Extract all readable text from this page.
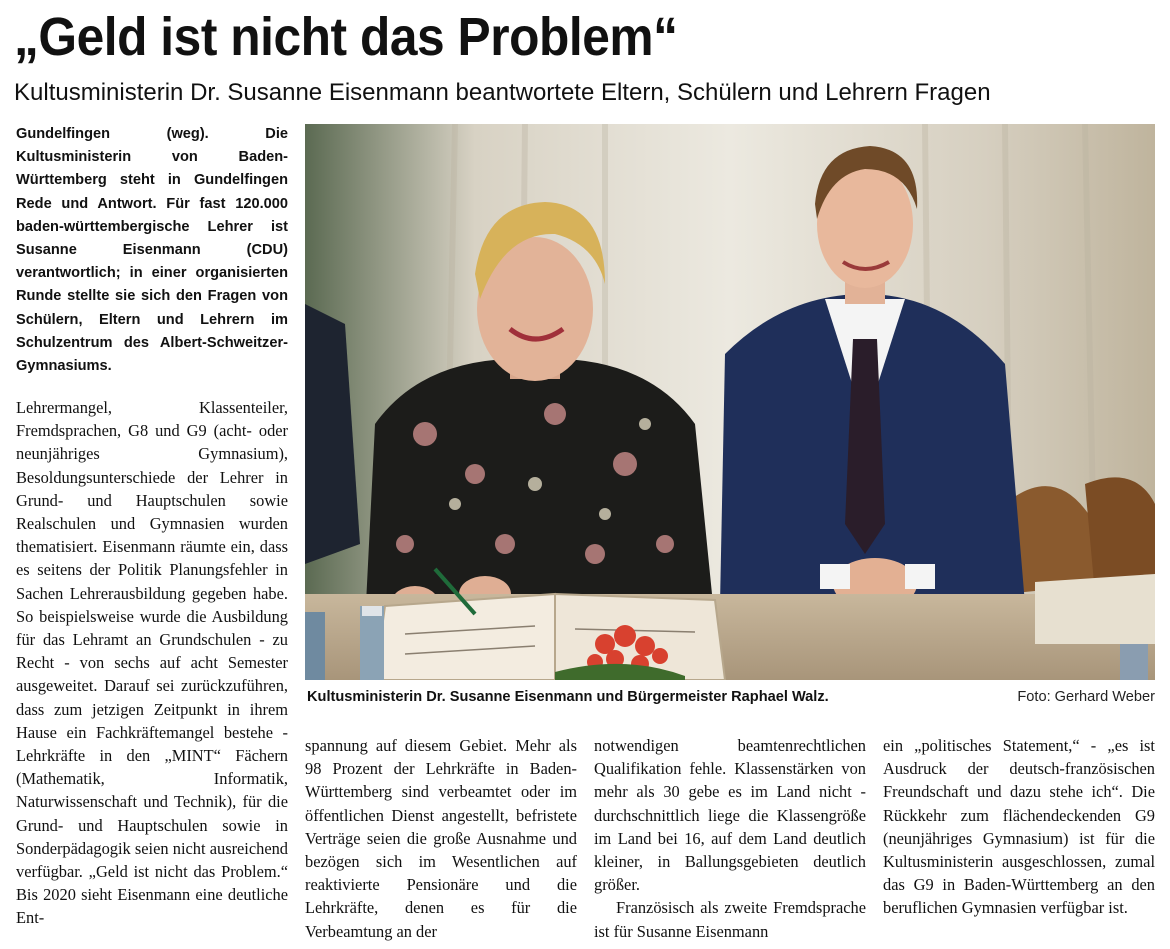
„Geld ist nicht das Problem“
Kultusministerin Dr. Susanne Eisenmann beantwortete Eltern, Schülern und Lehrern Fragen
Gundelfingen (weg). Die Kultusministerin von Baden-Württemberg steht in Gundelfingen Rede und Antwort. Für fast 120.000 baden-württembergische Lehrer ist Susanne Eisenmann (CDU) verantwortlich; in einer organisierten Runde stellte sie sich den Fragen von Schülern, Eltern und Lehrern im Schulzentrum des Albert-Schweitzer-Gymnasiums.

Lehrermangel, Klassenteiler, Fremdsprachen, G8 und G9 (acht- oder neunjähriges Gymnasium), Besoldungsunterschiede der Lehrer in Grund- und Hauptschulen sowie Realschulen und Gymnasien wurden thematisiert. Eisenmann räumte ein, dass es seitens der Politik Planungsfehler in Sachen Lehrerausbildung gegeben habe. So beispielsweise wurde die Ausbildung für das Lehramt an Grundschulen - zu Recht - von sechs auf acht Semester ausgeweitet. Darauf sei zurückzuführen, dass zum jetzigen Zeitpunkt in ihrem Hause ein Fachkräftemangel bestehe - Lehrkräfte in den „MINT“ Fächern (Mathematik, Informatik, Naturwissenschaft und Technik), für die Grund- und Hauptschulen sowie in Sonderpädagogik seien nicht ausreichend verfügbar. „Geld ist nicht das Problem.“ Bis 2020 sieht Eisenmann eine deutliche Ent-

Kultusministerin Dr. Susanne Eisenmann und Bürgermeister Raphael Walz.	Foto: Gerhard Weber

spannung auf diesem Gebiet. Mehr als 98 Prozent der Lehrkräfte in Baden-Württemberg sind verbeamtet oder im öffentlichen Dienst angestellt, befristete Verträge seien die große Ausnahme und bezögen sich im Wesentlichen auf reaktivierte Pensionäre und die Lehrkräfte, denen es für die Verbeamtung an der

notwendigen beamtenrechtlichen Qualifikation fehle. Klassenstärken von mehr als 30 gebe es im Land nicht - durchschnittlich liege die Klassengröße im Land bei 16, auf dem Land deutlich kleiner, in Ballungsgebieten deutlich größer.

Französisch als zweite Fremdsprache ist für Susanne Eisenmann

ein „politisches Statement,“ - „es ist Ausdruck der deutsch-französischen Freundschaft und dazu stehe ich“. Die Rückkehr zum flächendeckenden G9 (neunjähriges Gymnasium) ist für die Kultusministerin ausgeschlossen, zumal das G9 in Baden-Württemberg an den beruflichen Gymnasien verfügbar ist.
